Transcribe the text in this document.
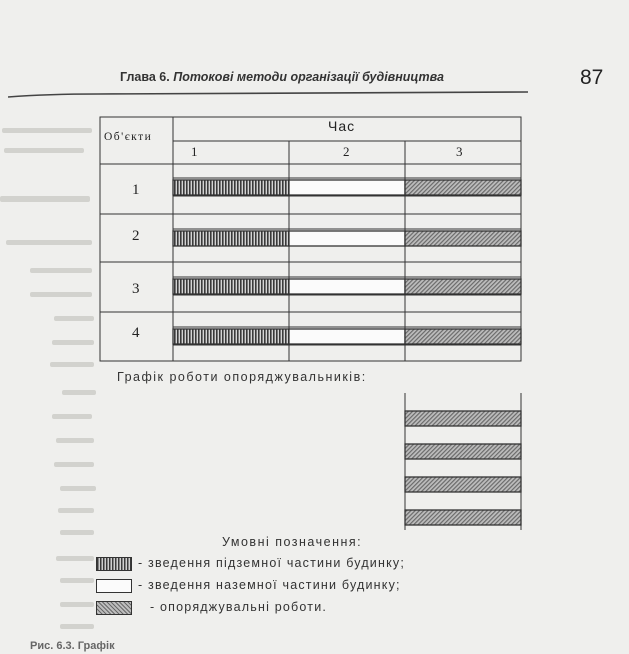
Глава 6. Потокові методи організації будівництва	87
Об'єкти
Час
1	2	3
1
2
3
4
Графік роботи опоряджувальників:
Умовні позначення:
- зведення підземної частини будинку;
- зведення наземної частини будинку;
- опоряджувальні роботи.
Рис. 6.3. Графік
